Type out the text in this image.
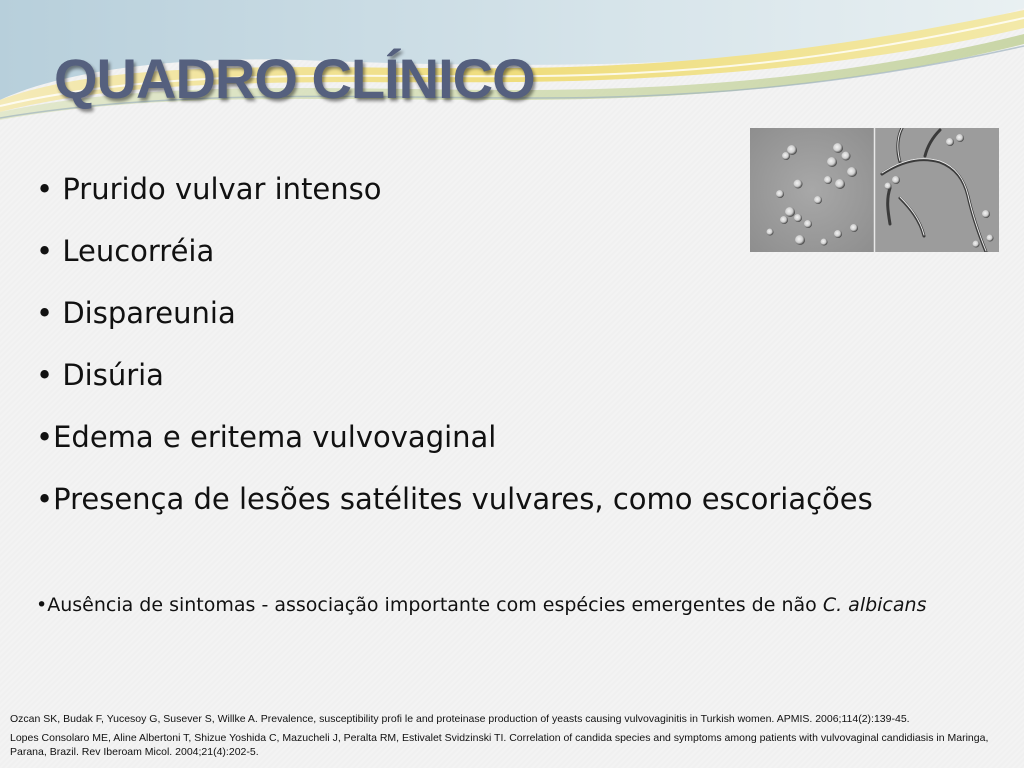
QUADRO CLÍNICO
• Prurido vulvar intenso
• Leucorréia
• Dispareunia
• Disúria
•Edema e eritema vulvovaginal
•Presença de lesões satélites vulvares, como escoriações
•Ausência de sintomas - associação importante com espécies emergentes de não C. albicans

Ozcan SK, Budak F, Yucesoy G, Susever S, Willke A. Prevalence, susceptibility profi le and proteinase production of yeasts causing vulvovaginitis in Turkish women. APMIS. 2006;114(2):139-45.

Lopes Consolaro ME, Aline Albertoni T, Shizue Yoshida C, Mazucheli J, Peralta RM, Estivalet Svidzinski TI. Correlation of candida species and symptoms among patients with vulvovaginal candidiasis in Maringa, Parana, Brazil. Rev Iberoam Micol. 2004;21(4):202-5.
